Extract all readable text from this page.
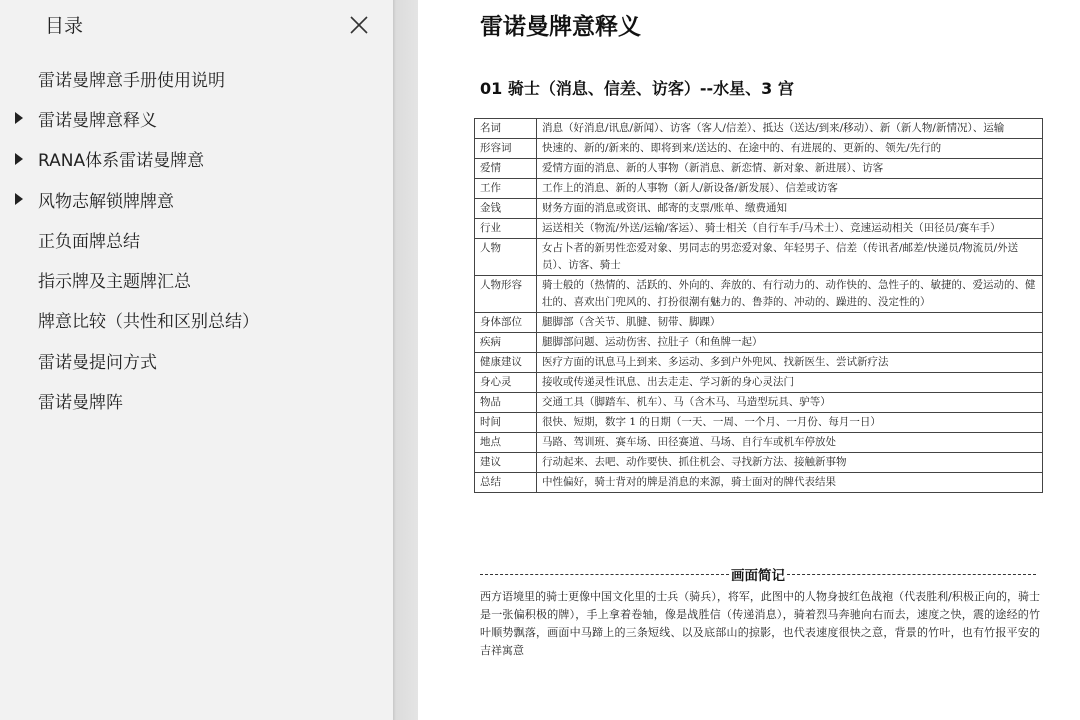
目录
雷诺曼牌意手册使用说明
雷诺曼牌意释义
RANA体系雷诺曼牌意
风物志解锁牌牌意
正负面牌总结
指示牌及主题牌汇总
牌意比较（共性和区别总结）
雷诺曼提问方式
雷诺曼牌阵
雷诺曼牌意释义
01 骑士（消息、信差、访客）--水星、3 宫
名词	消息（好消息/讯息/新闻）、访客（客人/信差）、抵达（送达/到来/移动）、新（新人物/新情况）、运输
形容词	快速的、新的/新来的、即将到来/送达的、在途中的、有进展的、更新的、领先/先行的
爱情	爱情方面的消息、新的人事物（新消息、新恋情、新对象、新进展）、访客
工作	工作上的消息、新的人事物（新人/新设备/新发展）、信差或访客
金钱	财务方面的消息或资讯、邮寄的支票/账单、缴费通知
行业	运送相关（物流/外送/运输/客运）、骑士相关（自行车手/马术士）、竞速运动相关（田径员/赛车手）
人物	女占卜者的新男性恋爱对象、男同志的男恋爱对象、年轻男子、信差（传讯者/邮差/快递员/物流员/外送员）、访客、骑士
人物形容	骑士般的（热情的、活跃的、外向的、奔放的、有行动力的、动作快的、急性子的、敏捷的、爱运动的、健壮的、喜欢出门兜风的、打扮很潮有魅力的、鲁莽的、冲动的、躁进的、没定性的）
身体部位	腿脚部（含关节、肌腱、韧带、脚踝）
疾病	腿脚部问题、运动伤害、拉肚子（和鱼牌一起）
健康建议	医疗方面的讯息马上到来、多运动、多到户外兜风、找新医生、尝试新疗法
身心灵	接收或传递灵性讯息、出去走走、学习新的身心灵法门
物品	交通工具（脚踏车、机车）、马（含木马、马造型玩具、驴等）
时间	很快、短期，数字 1 的日期（一天、一周、一个月、一月份、每月一日）
地点	马路、驾训班、赛车场、田径赛道、马场、自行车或机车停放处
建议	行动起来、去吧、动作要快、抓住机会、寻找新方法、接触新事物
总结	中性偏好，骑士背对的牌是消息的来源，骑士面对的牌代表结果
画面简记
西方语境里的骑士更像中国文化里的士兵（骑兵），将军，此图中的人物身披红色战袍（代表胜利/积极正向的，骑士是一张偏积极的牌），手上拿着卷轴，像是战胜信（传递消息），骑着烈马奔驰向右而去，速度之快，震的途经的竹叶顺势飘落，画面中马蹄上的三条短线、以及底部山的掠影，也代表速度很快之意，背景的竹叶，也有竹报平安的吉祥寓意
